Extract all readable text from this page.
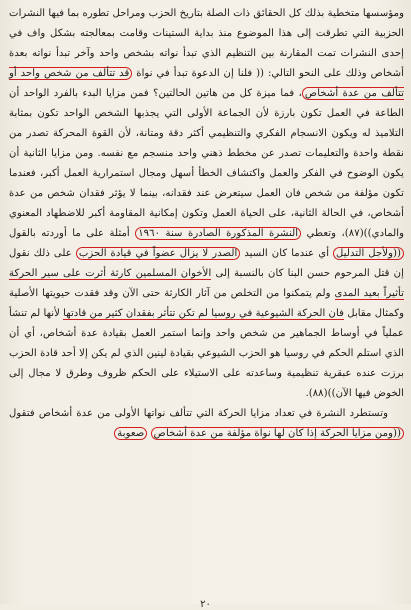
ومؤسسها متخطية بذلك كل الحقائق ذات الصلة بتاريخ الحزب ومراحل تطوره بما فيها النشرات الحزبية التي تطرقت إلى هذا الموضوع منذ بداية الستينات وقامت بمعالجته بشكل واف في إحدى النشرات تمت المقارنة بين التنظيم الذي تبدأ نواته بشخص واحد وآخر تبدأ نواته بعدة أشخاص وذلك على النحو التالي: (( فلنا إن الدعوة تبدأ في نواة قد تتألف من شخص واحد أو تتألف من عدة أشخاص، فما ميزة كل من هاتين الحالتين؟ فمن مزايا البدء بالفرد الواحد أن الطاعة في العمل تكون بارزة لأن الجماعة الأولى التي يجذبها الشخص الواحد تكون بمثابة التلاميذ له ويكون الانسجام الفكري والتنظيمي أكثر دقة ومتانة، لأن القوة المحركة تصدر من نقطة واحدة والتعليمات تصدر عن مخطط ذهني واحد منسجم مع نفسه. ومن مزايا الثانية أن يكون الوضوح في الفكر والعمل واكتشاف الخطأ أسهل ومجال استمرارية العمل أكبر، فعندما تكون مؤلفة من شخص فان العمل سيتعرض عند فقدانه، بينما لا يؤثر فقدان شخص من عدة أشخاص، في الحالة الثانية، على الحياة العمل وتكون إمكانية المقاومة أكبر للاضطهاد المعنوي والمادي))(٨٧)، وتعطي النشرة المذكورة الصادرة سنة ١٩٦٠ أمثلة على ما أوردته بالقول ((ولأجل التدليل أي عندما كان السيد الصدر لا يزال عضواً في قيادة الحزب على ذلك نقول إن قتل المرحوم حسن البنا كان بالنسبة إلى الأخوان المسلمين كارثة أثرت على سير الحركة تأثيراً بعيد المدى ولم يتمكنوا من التخلص من آثار الكارثة حتى الآن وقد فقدت حيويتها الأصلية وكمثال مقابل فان الحركة الشيوعية في روسيا لم تكن تتأثر بفقدان كثير من قادتها لأنها لم تنشأ عملياً في أوساط الجماهير من شخص واحد وإنما استمر العمل بقيادة عدة أشخاص، أي أن الذي استلم الحكم في روسيا هو الحزب الشيوعي بقيادة لينين الذي لم يكن إلا أحد قادة الحزب برزت عنده عبقرية تنظيمية وساعدته على الاستيلاء على الحكم ظروف وطرق لا مجال إلى الخوض فيها الآن))(٨٨).

وتستطرد النشرة في تعداد مزايا الحركة التي تتألف نواتها الأولى من عدة أشخاص فتقول ((ومن مزايا الحركة إذا كان لها نواة مؤلفة من عدة أشخاص صعوبة

٢٠
